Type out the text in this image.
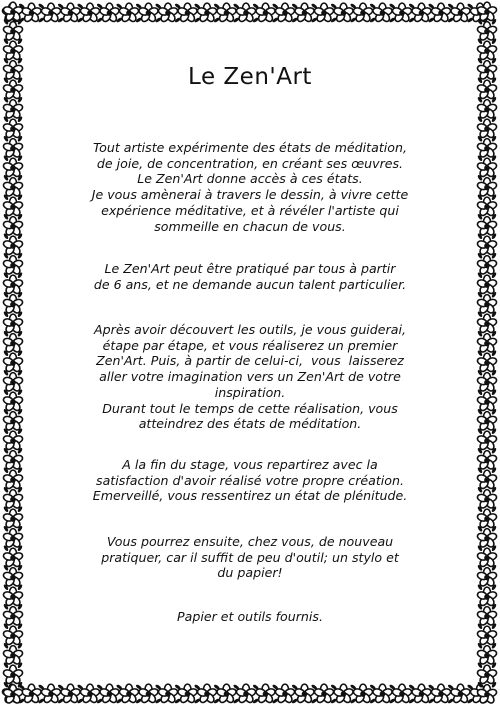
Le Zen'Art
Tout artiste expérimente des états de méditation,
de joie, de concentration, en créant ses œuvres.
Le Zen'Art donne accès à ces états.
Je vous amènerai à travers le dessin, à vivre cette
expérience méditative, et à révéler l'artiste qui
sommeille en chacun de vous.
Le Zen'Art peut être pratiqué par tous à partir
de 6 ans, et ne demande aucun talent particulier.
Après avoir découvert les outils, je vous guiderai,
étape par étape, et vous réaliserez un premier
Zen'Art. Puis, à partir de celui-ci,  vous  laisserez
aller votre imagination vers un Zen'Art de votre
inspiration.
Durant tout le temps de cette réalisation, vous
atteindrez des états de méditation.
A la fin du stage, vous repartirez avec la
satisfaction d'avoir réalisé votre propre création.
Emerveillé, vous ressentirez un état de plénitude.
Vous pourrez ensuite, chez vous, de nouveau
pratiquer, car il suffit de peu d'outil; un stylo et
du papier!
Papier et outils fournis.
